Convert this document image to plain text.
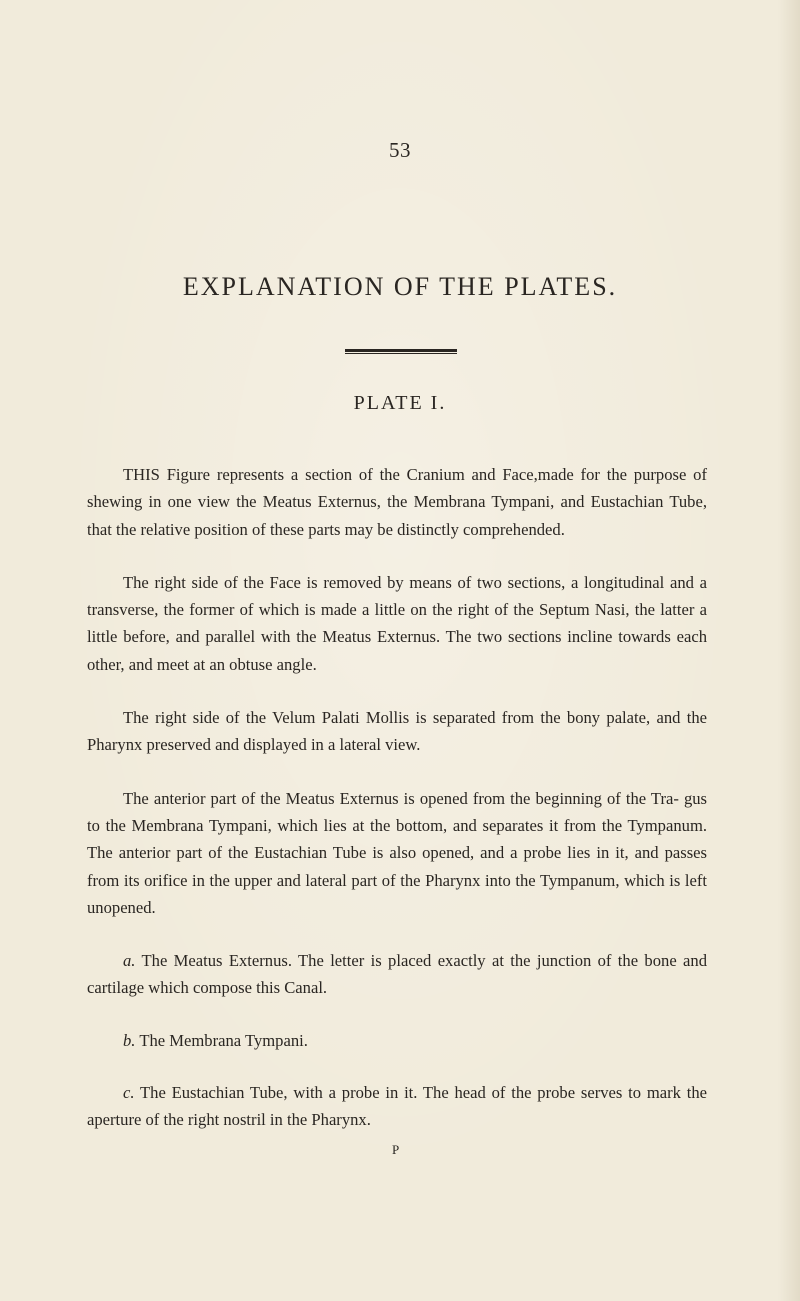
53
EXPLANATION OF THE PLATES.
PLATE I.

THIS Figure represents a section of the Cranium and Face,made for the purpose of shewing in one view the Meatus Externus, the Membrana Tympani, and Eustachian Tube, that the relative position of these parts may be distinctly comprehended.

The right side of the Face is removed by means of two sections, a longitudinal and a transverse, the former of which is made a little on the right of the Septum Nasi, the latter a little before, and parallel with the Meatus Externus. The two sections incline towards each other, and meet at an obtuse angle.

The right side of the Velum Palati Mollis is separated from the bony palate, and the Pharynx preserved and displayed in a lateral view.

The anterior part of the Meatus Externus is opened from the beginning of the Tra- gus to the Membrana Tympani, which lies at the bottom, and separates it from the Tympanum. The anterior part of the Eustachian Tube is also opened, and a probe lies in it, and passes from its orifice in the upper and lateral part of the Pharynx into the Tympanum, which is left unopened.

a. The Meatus Externus. The letter is placed exactly at the junction of the bone and cartilage which compose this Canal.

b. The Membrana Tympani.

c. The Eustachian Tube, with a probe in it. The head of the probe serves to mark the aperture of the right nostril in the Pharynx.

P
